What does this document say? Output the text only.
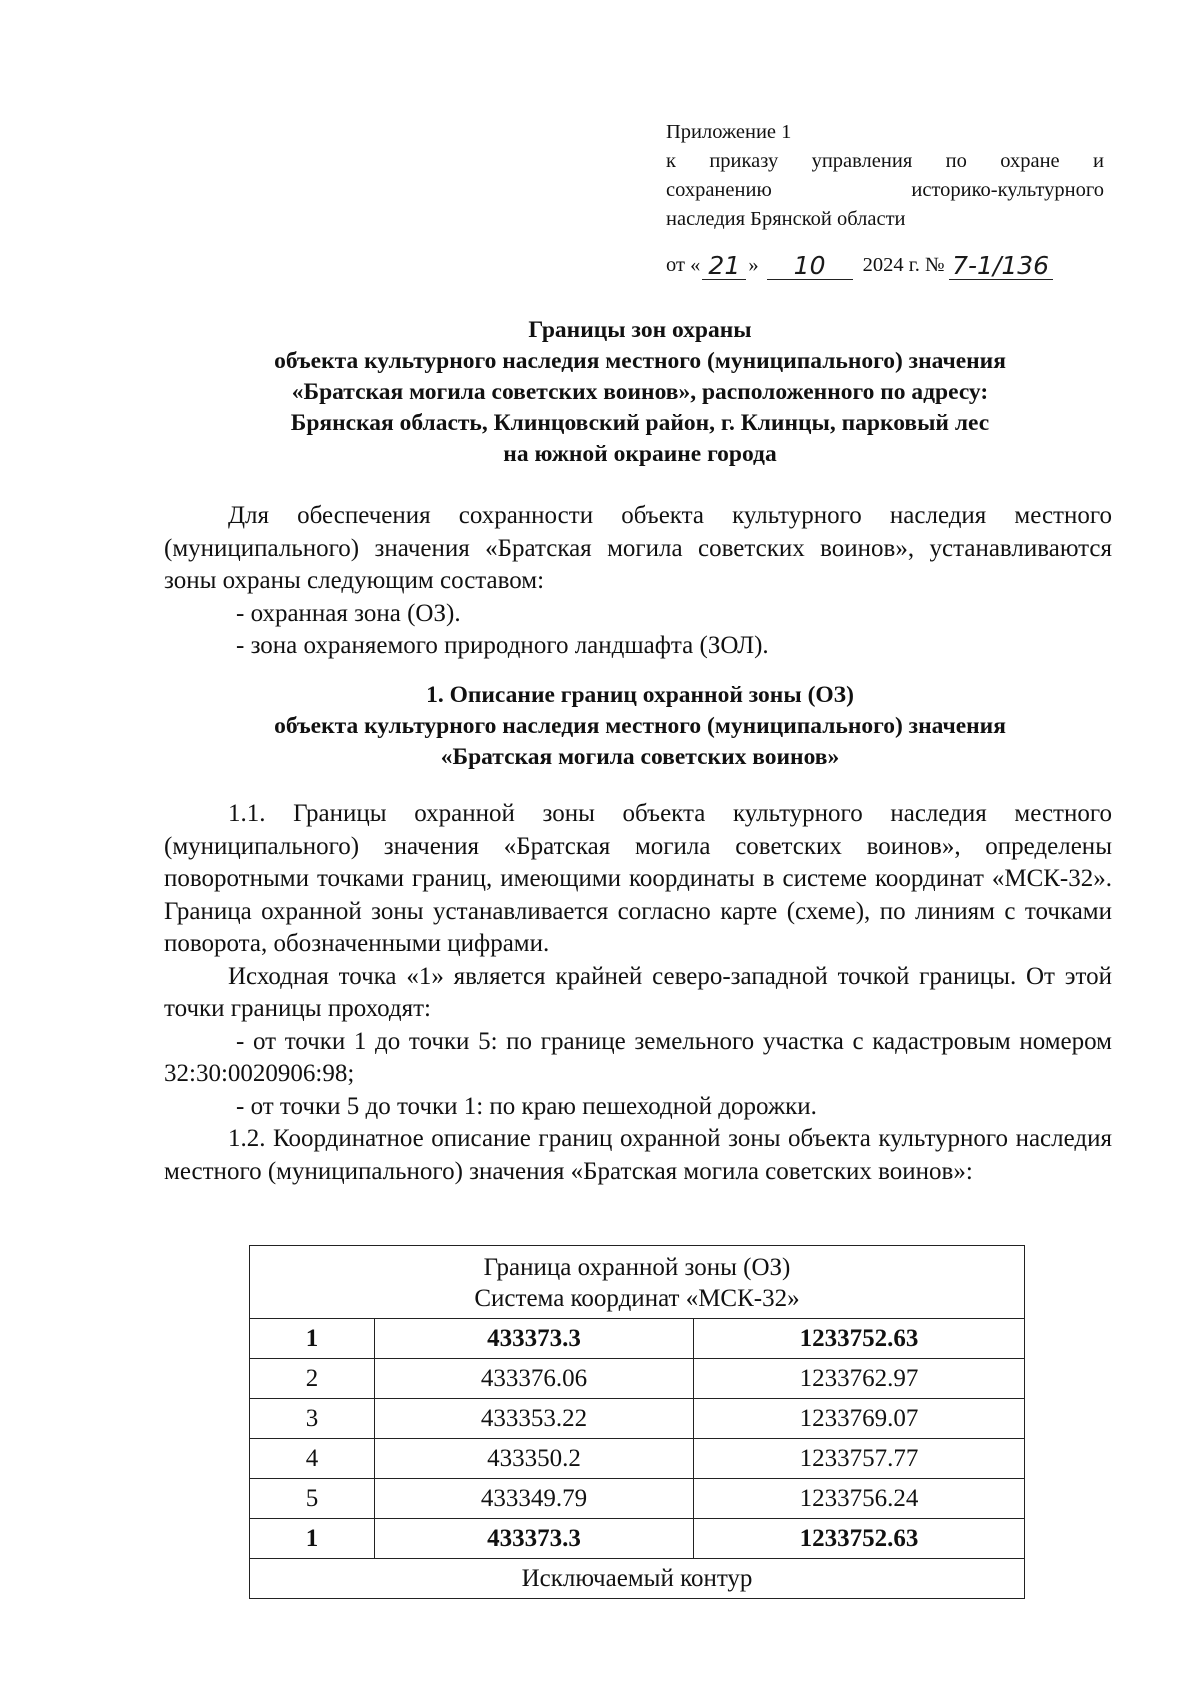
Приложение 1
к приказу управления по охране и
сохранению историко-культурного
наследия Брянской области
от « 21 »	10	2024 г. № 7-1/136
Границы зон охраны
объекта культурного наследия местного (муниципального) значения
«Братская могила советских воинов», расположенного по адресу:
Брянская область, Клинцовский район, г. Клинцы, парковый лес
на южной окраине города
Для обеспечения сохранности объекта культурного наследия местного (муниципального) значения «Братская могила советских воинов», устанавливаются зоны охраны следующим составом:
- охранная зона (ОЗ).
- зона охраняемого природного ландшафта (ЗОЛ).
1. Описание границ охранной зоны (ОЗ)
объекта культурного наследия местного (муниципального) значения
«Братская могила советских воинов»
1.1. Границы охранной зоны объекта культурного наследия местного (муниципального) значения «Братская могила советских воинов», определены поворотными точками границ, имеющими координаты в системе координат «МСК-32». Граница охранной зоны устанавливается согласно карте (схеме), по линиям с точками поворота, обозначенными цифрами.
Исходная точка «1» является крайней северо-западной точкой границы. От этой точки границы проходят:
- от точки 1 до точки 5: по границе земельного участка с кадастровым номером 32:30:0020906:98;
- от точки 5 до точки 1: по краю пешеходной дорожки.
1.2. Координатное описание границ охранной зоны объекта культурного наследия местного (муниципального) значения «Братская могила советских воинов»:
Граница охранной зоны (ОЗ)
Система координат «МСК-32»		

1	433373.3	1233752.63
2	433376.06	1233762.97
3	433353.22	1233769.07
4	433350.2	1233757.77
5	433349.79	1233756.24
1	433373.3	1233752.63
Исключаемый контур		
